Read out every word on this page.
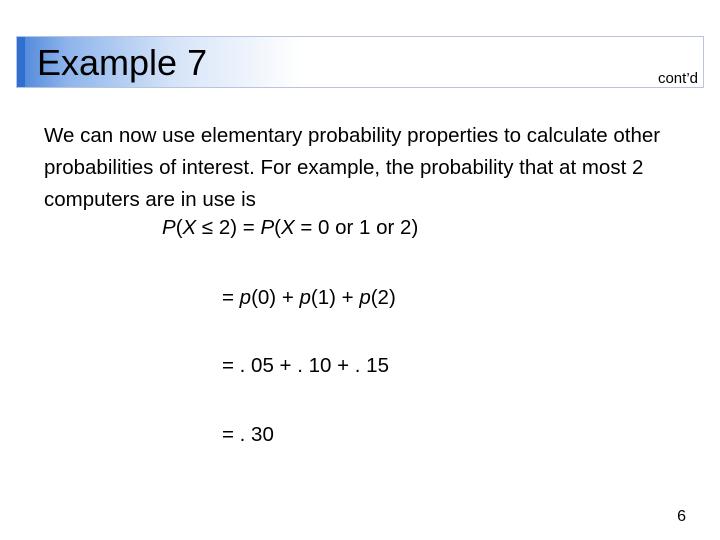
Example 7	cont’d
We can now use elementary probability properties to calculate other probabilities of interest. For example, the probability that at most 2 computers are in use is
P(X ≤ 2) = P(X = 0 or 1 or 2)
= p(0) + p(1) + p(2)
= . 05 + . 10 + . 15
= . 30
6
